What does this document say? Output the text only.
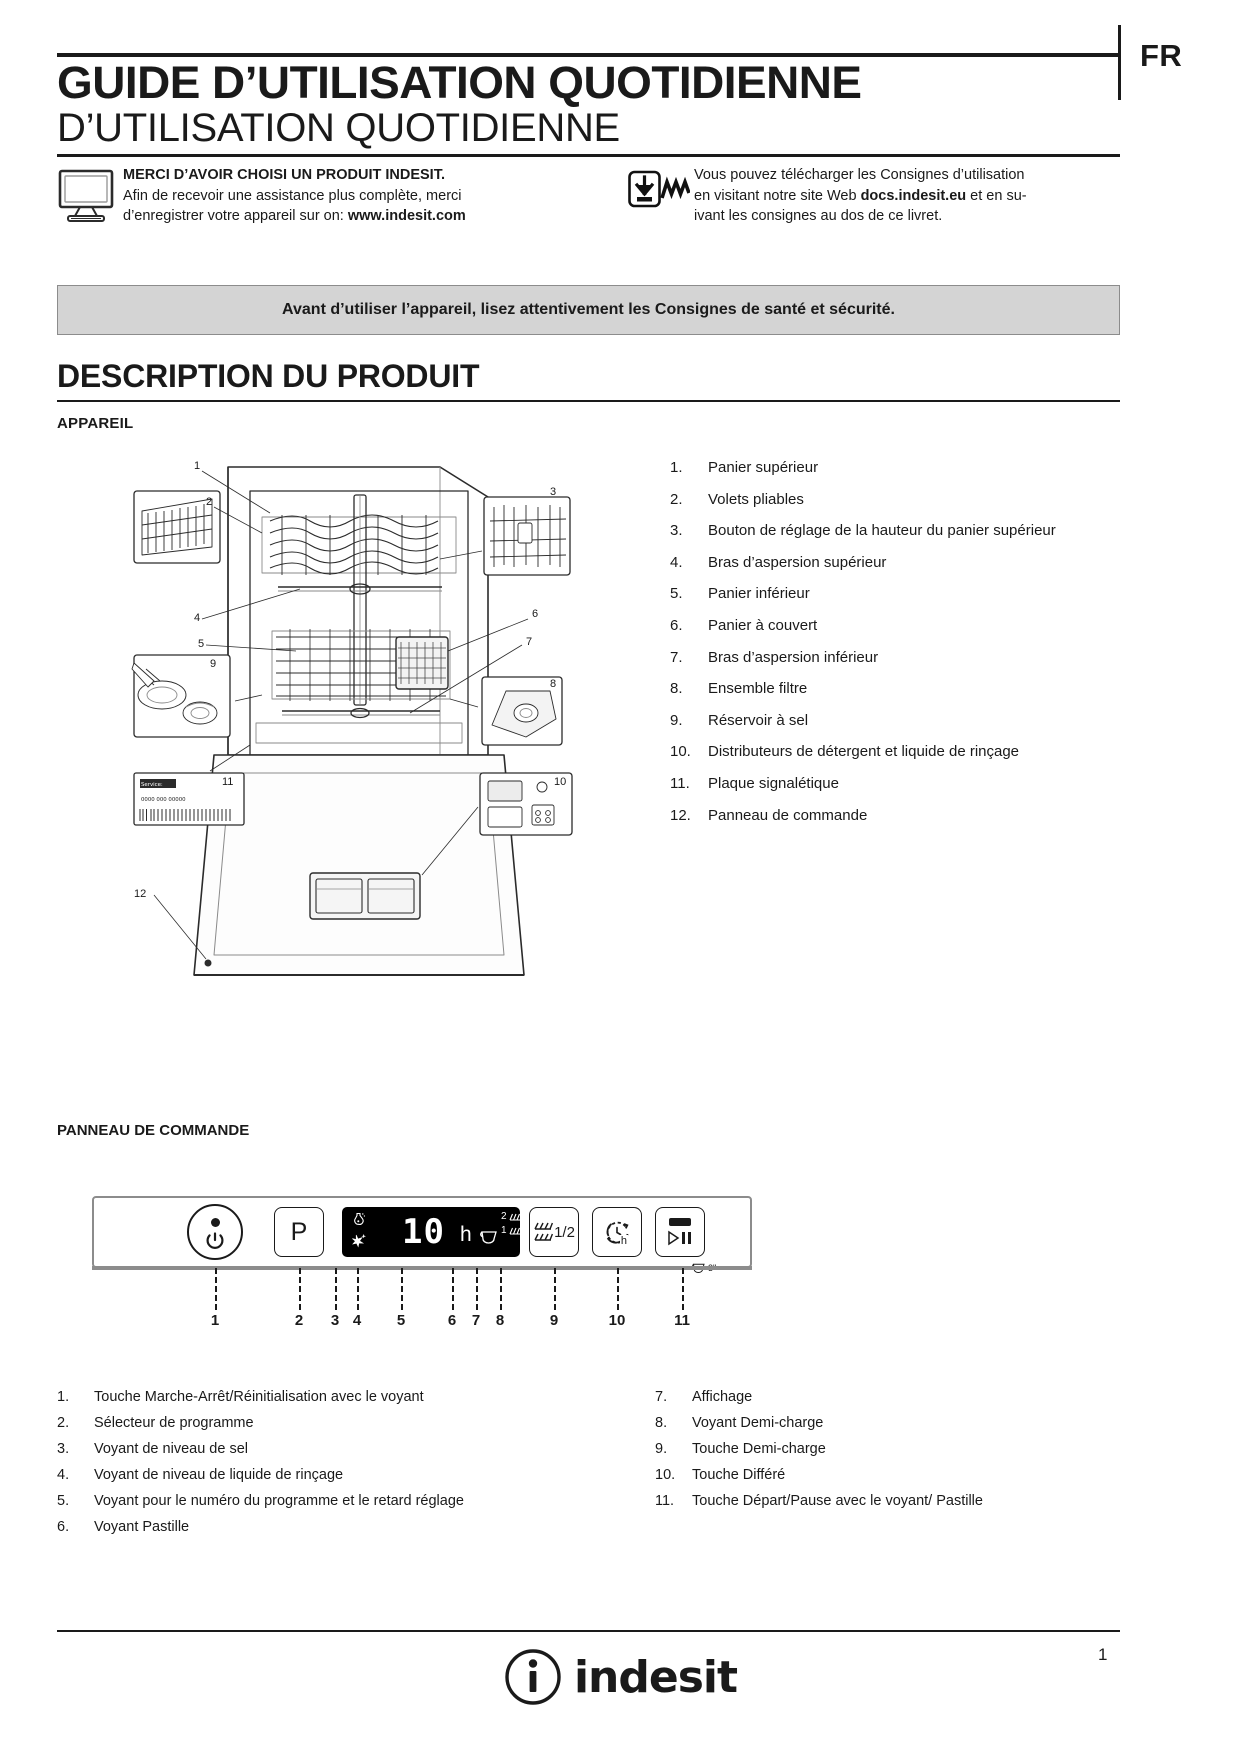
FR
GUIDE D’UTILISATION QUOTIDIENNE
D’UTILISATION QUOTIDIENNE
MERCI D’AVOIR CHOISI UN PRODUIT INDESIT.
Afin de recevoir une assistance plus complète, merci
d’enregistrer votre appareil sur on: www.indesit.com
Vous pouvez télécharger les Consignes d’utilisation
en visitant notre site Web docs.indesit.eu et en su-
ivant les consignes au dos de ce livret.
Avant d’utiliser l’appareil, lisez attentivement les Consignes de santé et sécurité.
DESCRIPTION DU PRODUIT
APPAREIL
1
2
3
4
5
6
7
8
9
10
11
12
Service:
0000 000 00000
1.	Panier supérieur
2.	Volets pliables
3.	Bouton de réglage de la hauteur du panier supérieur
4.	Bras d’aspersion supérieur
5.	Panier inférieur
6.	Panier à couvert
7.	Bras d’aspersion inférieur
8.	Ensemble filtre
9.	Réservoir à sel
10.	Distributeurs de détergent et liquide de rinçage
11.	Plaque signalétique
12.	Panneau de commande
PANNEAU DE COMMANDE
P	10 h
2
1	1/2
h
1	2 3 4 5	6 7 8	9	10	11
1.	Touche Marche-Arrêt/Réinitialisation avec le voyant
2.	Sélecteur de programme
3.	Voyant de niveau de sel
4.	Voyant de niveau de liquide de rinçage
5.	Voyant pour le numéro du programme et le retard réglage
6.	Voyant Pastille
7.	Affichage
8.	Voyant Demi-charge
9.	Touche Demi-charge
10.	Touche Différé
11.	Touche Départ/Pause avec le voyant/ Pastille
1
indesit
